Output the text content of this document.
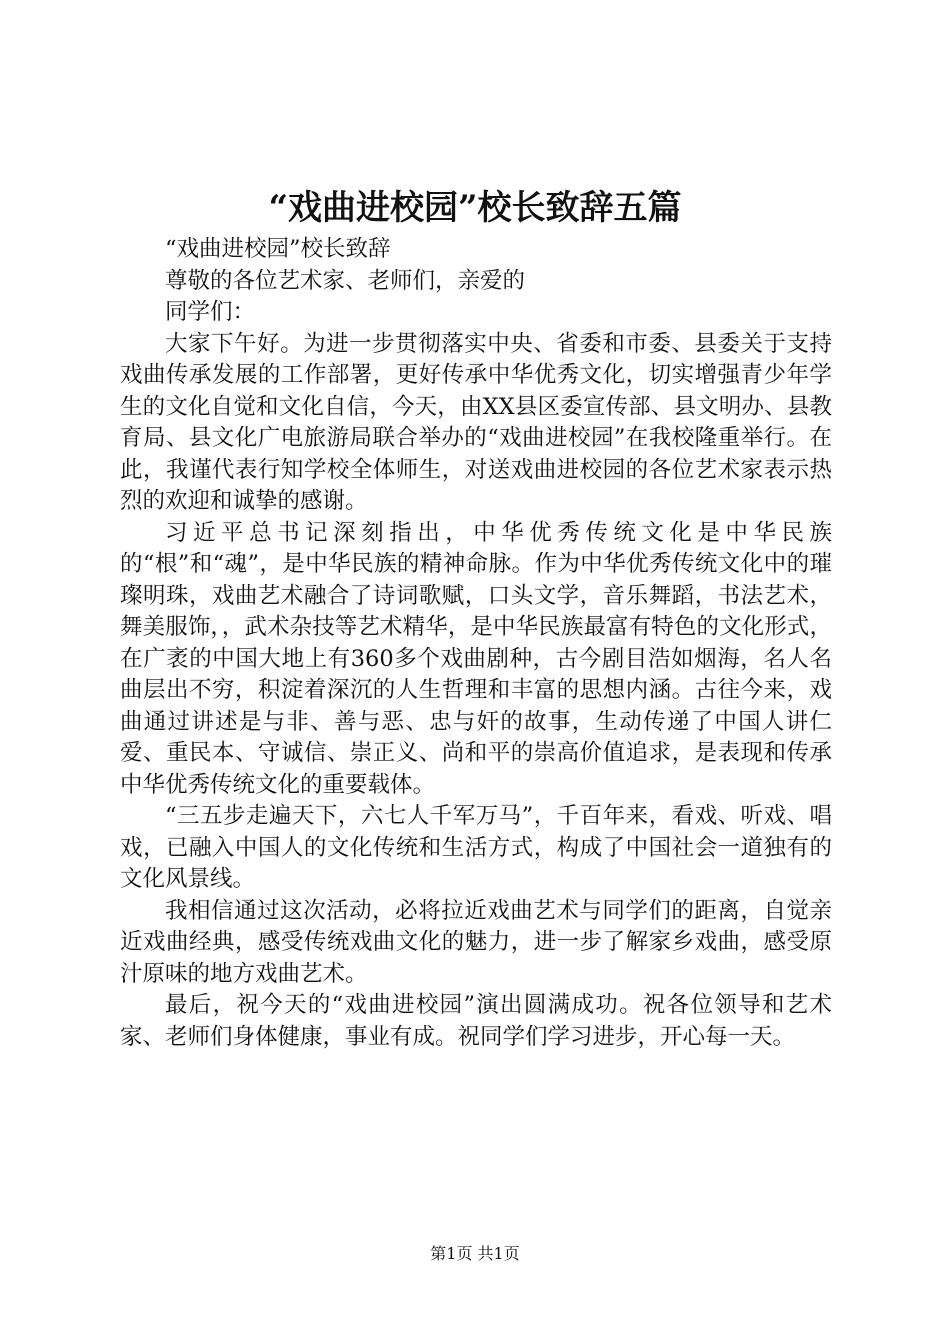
“戏曲进校园”校长致辞五篇

“戏曲进校园”校长致辞

尊敬的各位艺术家、老师们，亲爱的

同学们：

大家下午好。为进一步贯彻落实中央、省委和市委、县委关于支持戏曲传承发展的工作部署，更好传承中华优秀文化，切实增强青少年学生的文化自觉和文化自信，今天，由XX县区委宣传部、县文明办、县教育局、县文化广电旅游局联合举办的“戏曲进校园”在我校隆重举行。在此，我谨代表行知学校全体师生，对送戏曲进校园的各位艺术家表示热烈的欢迎和诚挚的感谢。

习近平总书记深刻指出，中华优秀传统文化是中华民族的“根”和“魂”，是中华民族的精神命脉。作为中华优秀传统文化中的璀璨明珠，戏曲艺术融合了诗词歌赋，口头文学，音乐舞蹈，书法艺术，舞美服饰，，武术杂技等艺术精华，是中华民族最富有特色的文化形式，在广袤的中国大地上有360多个戏曲剧种，古今剧目浩如烟海，名人名曲层出不穷，积淀着深沉的人生哲理和丰富的思想内涵。古往今来，戏曲通过讲述是与非、善与恶、忠与奸的故事，生动传递了中国人讲仁爱、重民本、守诚信、崇正义、尚和平的崇高价值追求，是表现和传承中华优秀传统文化的重要载体。

“三五步走遍天下，六七人千军万马”，千百年来，看戏、听戏、唱戏，已融入中国人的文化传统和生活方式，构成了中国社会一道独有的文化风景线。

我相信通过这次活动，必将拉近戏曲艺术与同学们的距离，自觉亲近戏曲经典，感受传统戏曲文化的魅力，进一步了解家乡戏曲，感受原汁原味的地方戏曲艺术。

最后，祝今天的“戏曲进校园”演出圆满成功。祝各位领导和艺术家、老师们身体健康，事业有成。祝同学们学习进步，开心每一天。

第1页 共1页
